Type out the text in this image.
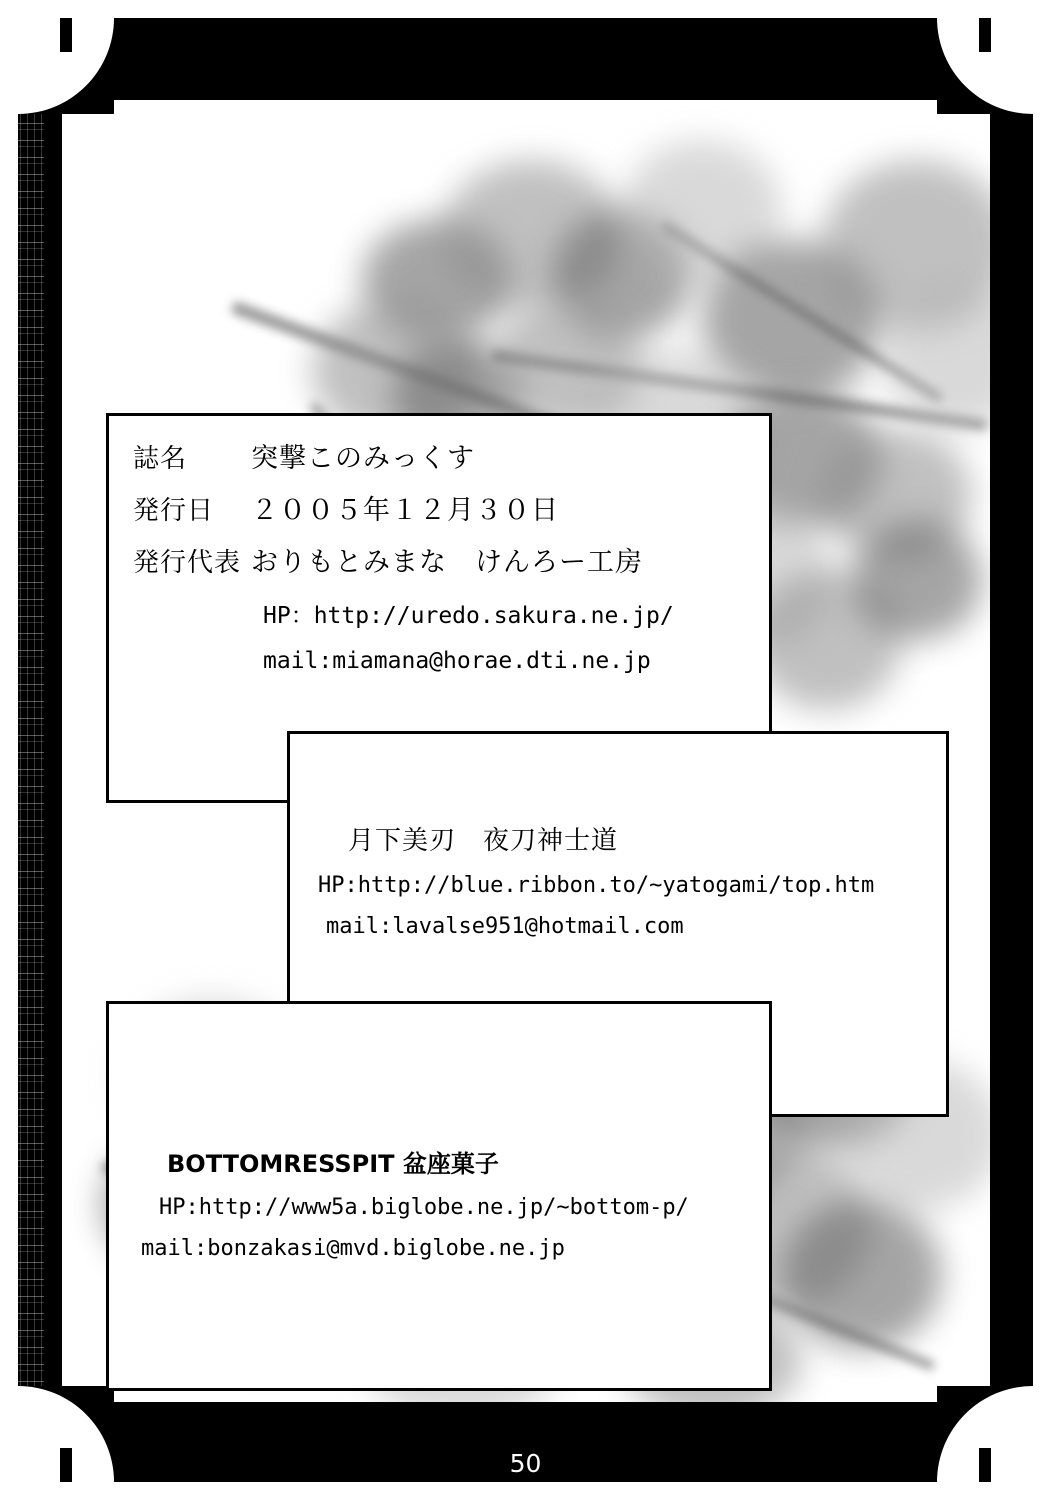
誌名	突撃このみっくす
発行日	２００５年１２月３０日
発行代表 おりもとみまな　けんろー工房
HP：http://uredo.sakura.ne.jp/
mail:miamana@horae.dti.ne.jp
月下美刃　夜刀神士道
HP:http://blue.ribbon.to/~yatogami/top.htm
mail:lavalse951@hotmail.com
BOTTOMRESSPIT 盆座菓子
HP:http://www5a.biglobe.ne.jp/~bottom-p/
mail:bonzakasi@mvd.biglobe.ne.jp
50
